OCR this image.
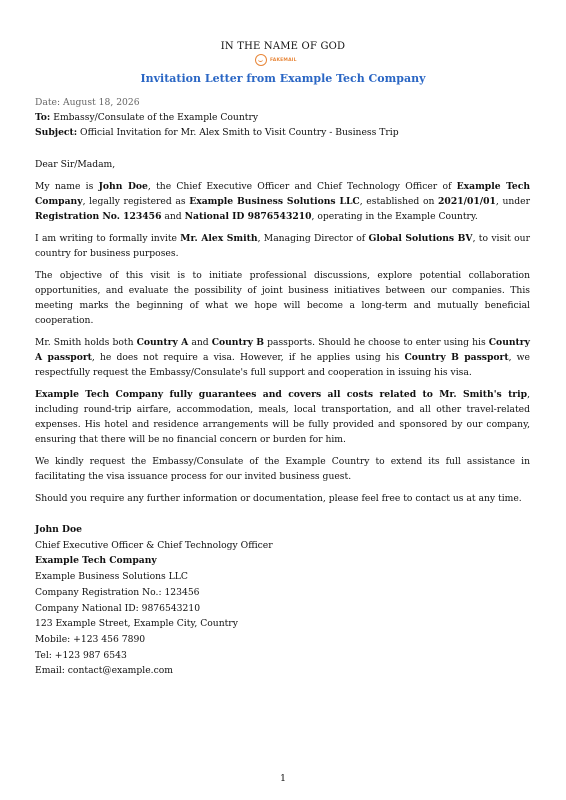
IN THE NAME OF GOD
FAKEMAIL
Invitation Letter from Example Tech Company
Date: August 18, 2026
To: Embassy/Consulate of the Example Country
Subject: Official Invitation for Mr. Alex Smith to Visit Country - Business Trip
Dear Sir/Madam,

My name is John Doe, the Chief Executive Officer and Chief Technology Officer of Example Tech Company, legally registered as Example Business Solutions LLC, established on 2021/01/01, under Registration No. 123456 and National ID 9876543210, operating in the Example Country.

I am writing to formally invite Mr. Alex Smith, Managing Director of Global Solutions BV, to visit our country for business purposes.

The objective of this visit is to initiate professional discussions, explore potential collaboration opportunities, and evaluate the possibility of joint business initiatives between our companies. This meeting marks the beginning of what we hope will become a long-term and mutually beneficial cooperation.

Mr. Smith holds both Country A and Country B passports. Should he choose to enter using his Country A passport, he does not require a visa. However, if he applies using his Country B passport, we respectfully request the Embassy/Consulate's full support and cooperation in issuing his visa.

Example Tech Company fully guarantees and covers all costs related to Mr. Smith's trip, including round-trip airfare, accommodation, meals, local transportation, and all other travel-related expenses. His hotel and residence arrangements will be fully provided and sponsored by our company, ensuring that there will be no financial concern or burden for him.

We kindly request the Embassy/Consulate of the Example Country to extend its full assistance in facilitating the visa issuance process for our invited business guest.

Should you require any further information or documentation, please feel free to contact us at any time.

John Doe
Chief Executive Officer & Chief Technology Officer
Example Tech Company
Example Business Solutions LLC
Company Registration No.: 123456
Company National ID: 9876543210
123 Example Street, Example City, Country
Mobile: +123 456 7890
Tel: +123 987 6543
Email: contact@example.com
1
